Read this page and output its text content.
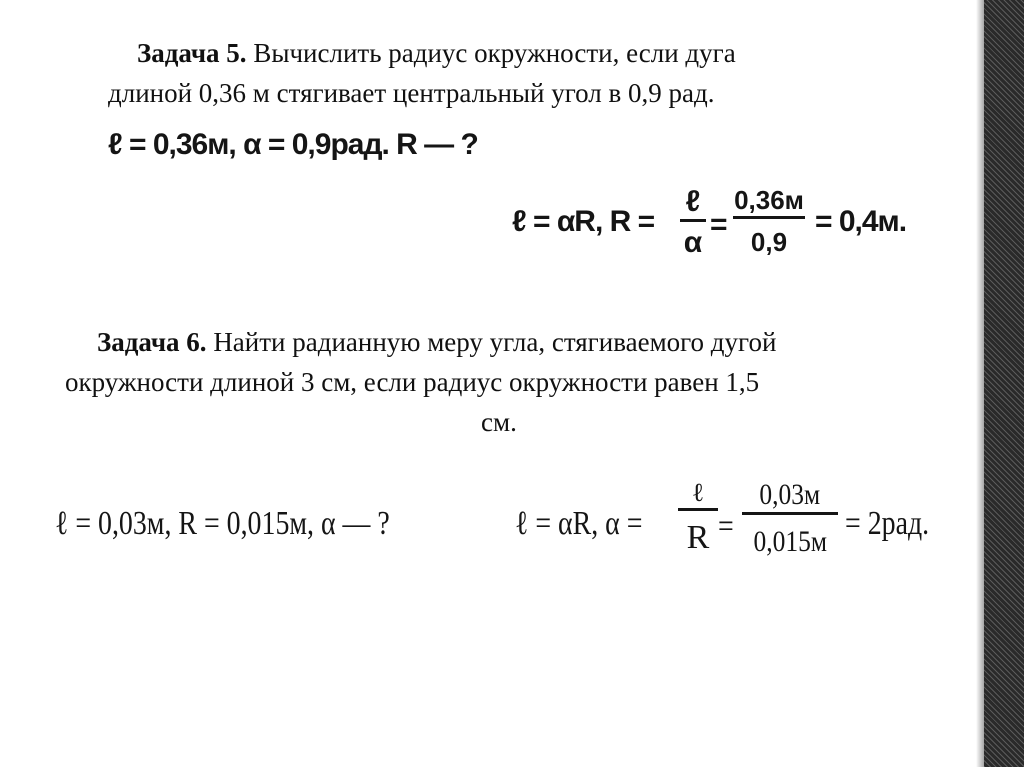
Задача 5. Вычислить радиус окружности, если дуга

длиной 0,36 м стягивает центральный угол в 0,9 рад.

ℓ = 0,36м, α = 0,9рад. R — ?
ℓ = αR, R =
ℓ
α
=
0,36м
0,9
= 0,4м.

Задача 6. Найти радианную меру угла, стягиваемого дугой

окружности длиной 3 см, если радиус окружности равен 1,5

см.

ℓ = 0,03м, R = 0,015м, α — ?	ℓ = αR, α =
ℓ
R =
0,03м
0,015м = 2рад.
